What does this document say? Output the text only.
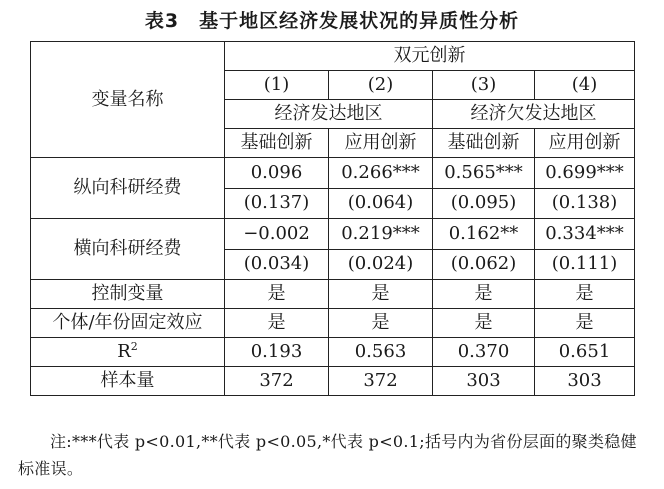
表3　基于地区经济发展状况的异质性分析
变量名称	双元创新			
	(1)	(2)	(3)	(4)
	经济发达地区		经济欠发达地区	
	基础创新	应用创新	基础创新	应用创新
纵向科研经费	0.096	0.266***	0.565***	0.699***
	(0.137)	(0.064)	(0.095)	(0.138)
横向科研经费	−0.002	0.219***	0.162**	0.334***
	(0.034)	(0.024)	(0.062)	(0.111)
控制变量	是	是	是	是
个体/年份固定效应	是	是	是	是
$R^2$	0.193	0.563	0.370	0.651
样本量	372	372	303	303
注:***代表 p<0.01,**代表 p<0.05,*代表 p<0.1;括号内为省份层面的聚类稳健标准误。
